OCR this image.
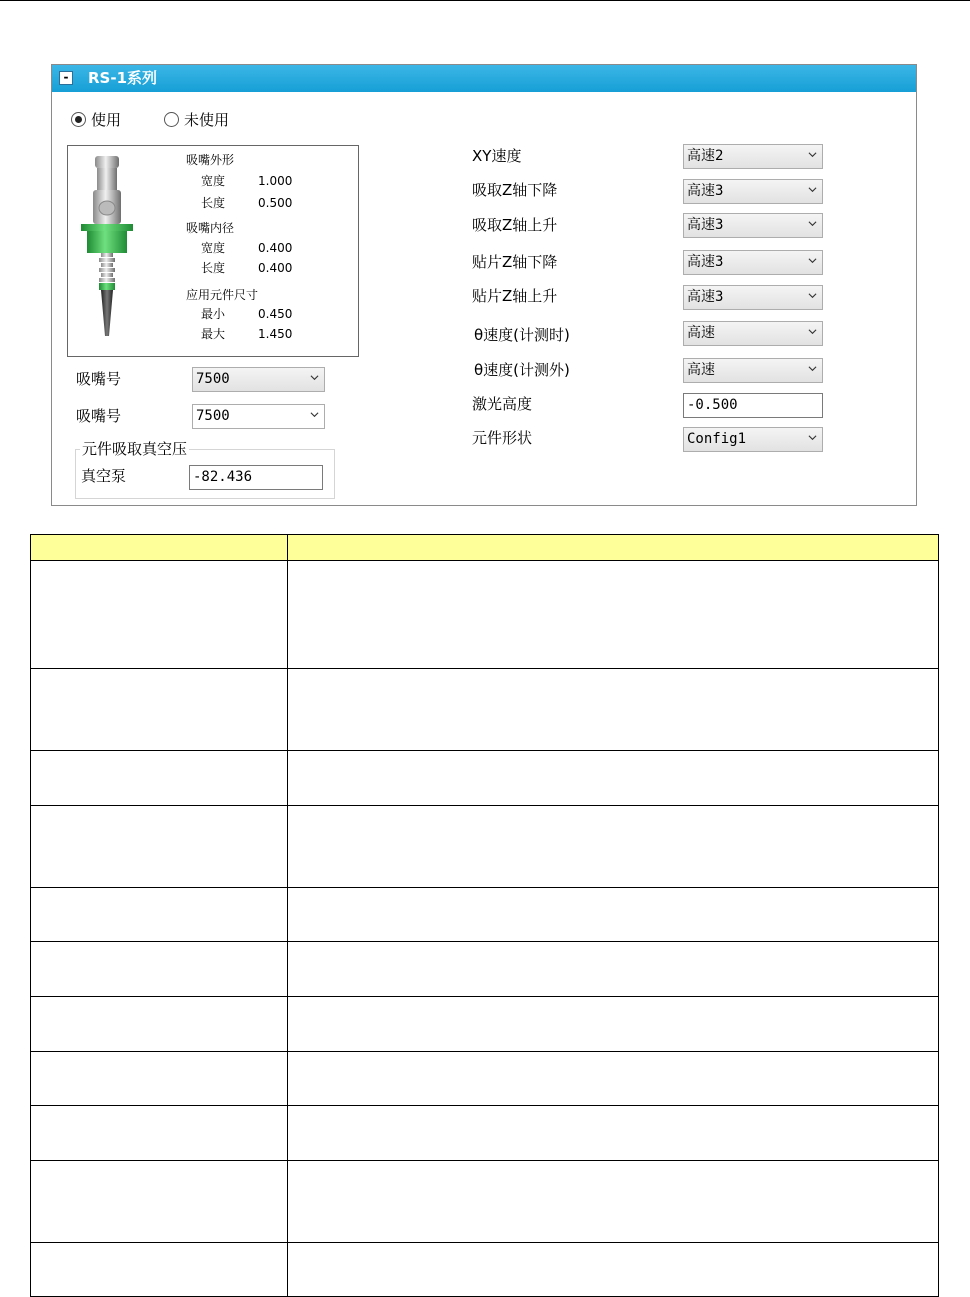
-	RS-1系列
使用	未使用
吸嘴外形
宽度	1.000
长度	0.500
吸嘴内径
宽度	0.400
长度	0.400
应用元件尺寸
最小	0.450
最大	1.450
吸嘴号	7500
吸嘴号	7500
元件吸取真空压
真空泵	-82.436
XY速度	高速2
吸取Z轴下降	高速3
吸取Z轴上升	高速3
贴片Z轴下降	高速3
贴片Z轴上升	高速3
θ速度(计测时)	高速
θ速度(计测外)	高速
激光高度	-0.500
元件形状	Config1
